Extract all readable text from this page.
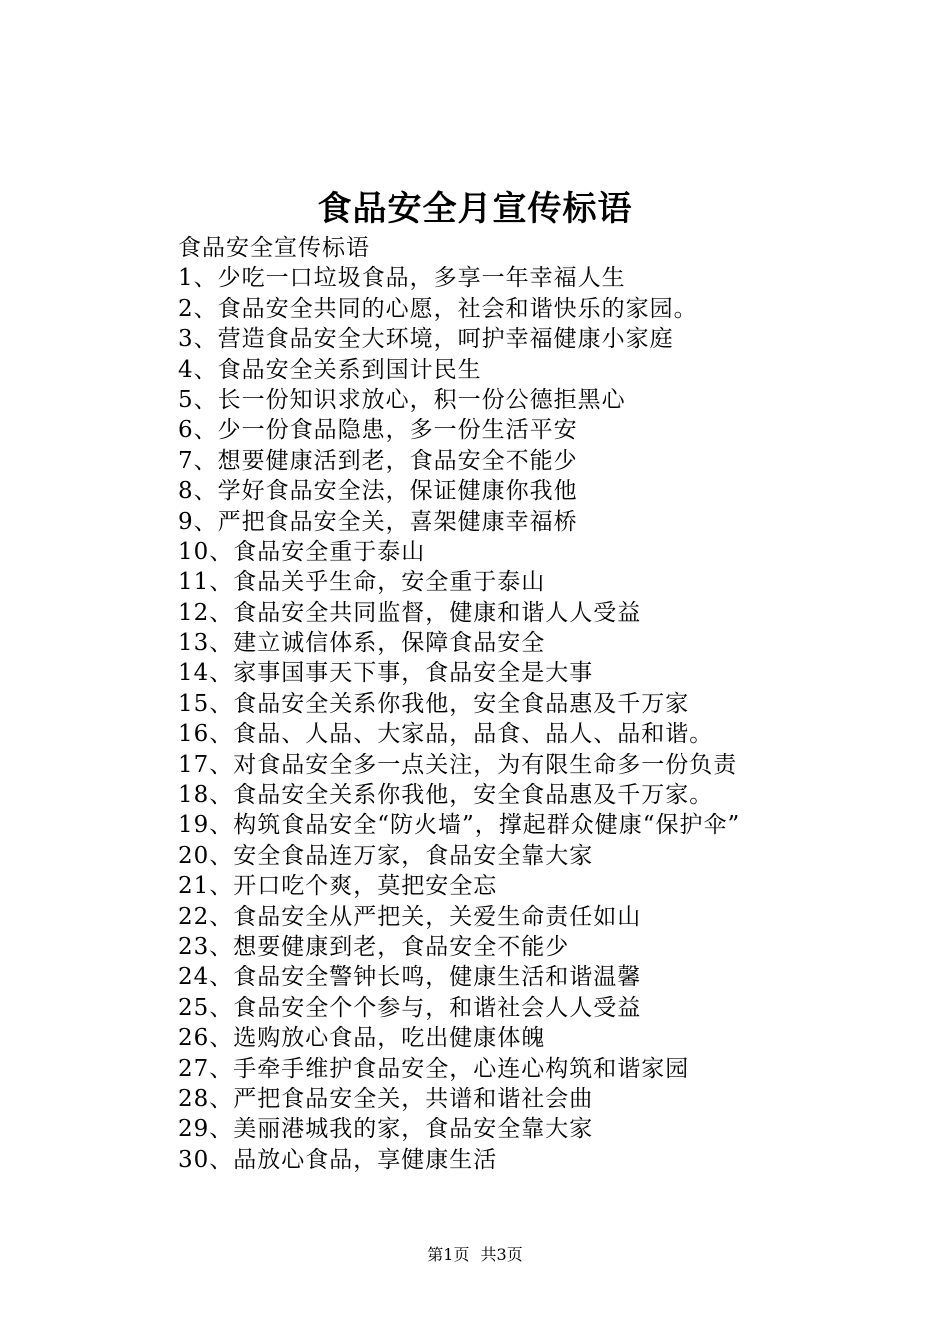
食品安全月宣传标语
食品安全宣传标语
1、少吃一口垃圾食品，多享一年幸福人生
2、食品安全共同的心愿，社会和谐快乐的家园。
3、营造食品安全大环境，呵护幸福健康小家庭
4、食品安全关系到国计民生
5、长一份知识求放心，积一份公德拒黑心
6、少一份食品隐患，多一份生活平安
7、想要健康活到老，食品安全不能少
8、学好食品安全法，保证健康你我他
9、严把食品安全关，喜架健康幸福桥
10、食品安全重于泰山
11、食品关乎生命，安全重于泰山
12、食品安全共同监督，健康和谐人人受益
13、建立诚信体系，保障食品安全
14、家事国事天下事，食品安全是大事
15、食品安全关系你我他，安全食品惠及千万家
16、食品、人品、大家品，品食、品人、品和谐。
17、对食品安全多一点关注，为有限生命多一份负责
18、食品安全关系你我他，安全食品惠及千万家。
19、构筑食品安全“防火墙”，撑起群众健康“保护伞”
20、安全食品连万家，食品安全靠大家
21、开口吃个爽，莫把安全忘
22、食品安全从严把关，关爱生命责任如山
23、想要健康到老，食品安全不能少
24、食品安全警钟长鸣，健康生活和谐温馨
25、食品安全个个参与，和谐社会人人受益
26、选购放心食品，吃出健康体魄
27、手牵手维护食品安全，心连心构筑和谐家园
28、严把食品安全关，共谱和谐社会曲
29、美丽港城我的家，食品安全靠大家
30、品放心食品，享健康生活
第1页 共3页
